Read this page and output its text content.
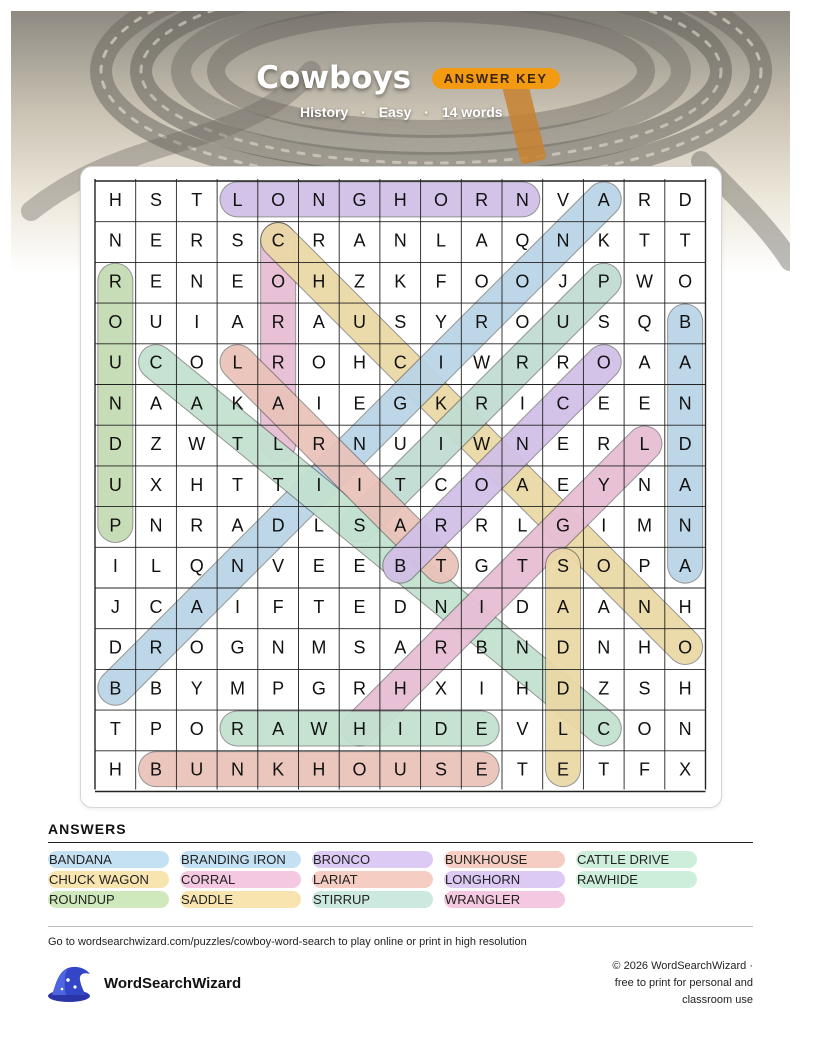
Cowboys ANSWER KEY
History · Easy · 14 words
H S T L O N G H O R N V A R D
N E R S C R A N L A Q N K T T
R E N E O H Z K F O O J P W O
O U I A R A U S Y R O U S Q B
U C O L R O H C I W R R O A A
N A A K A I E G K R I C E E N
D Z W T L R N U I W N E R L D
U X H T T I I T C O A E Y N A
P N R A D L S A R R L G I M N
I L Q N V E E B T G T S O P A
J C A I F T E D N I D A A N H
D R O G N M S A R B N D N H O
B B Y M P G R H X I H D Z S H
T P O R A W H I D E V L C O N
H B U N K H O U S E T E T F X
ANSWERS
BANDANA	BRANDING IRON	BRONCO	BUNKHOUSE	CATTLE DRIVE
CHUCK WAGON	CORRAL	LARIAT	LONGHORN	RAWHIDE
ROUNDUP	SADDLE	STIRRUP	WRANGLER
Go to wordsearchwizard.com/puzzles/cowboy-word-search to play online or print in high resolution
WordSearchWizard
© 2026 WordSearchWizard ·
free to print for personal and
classroom use
